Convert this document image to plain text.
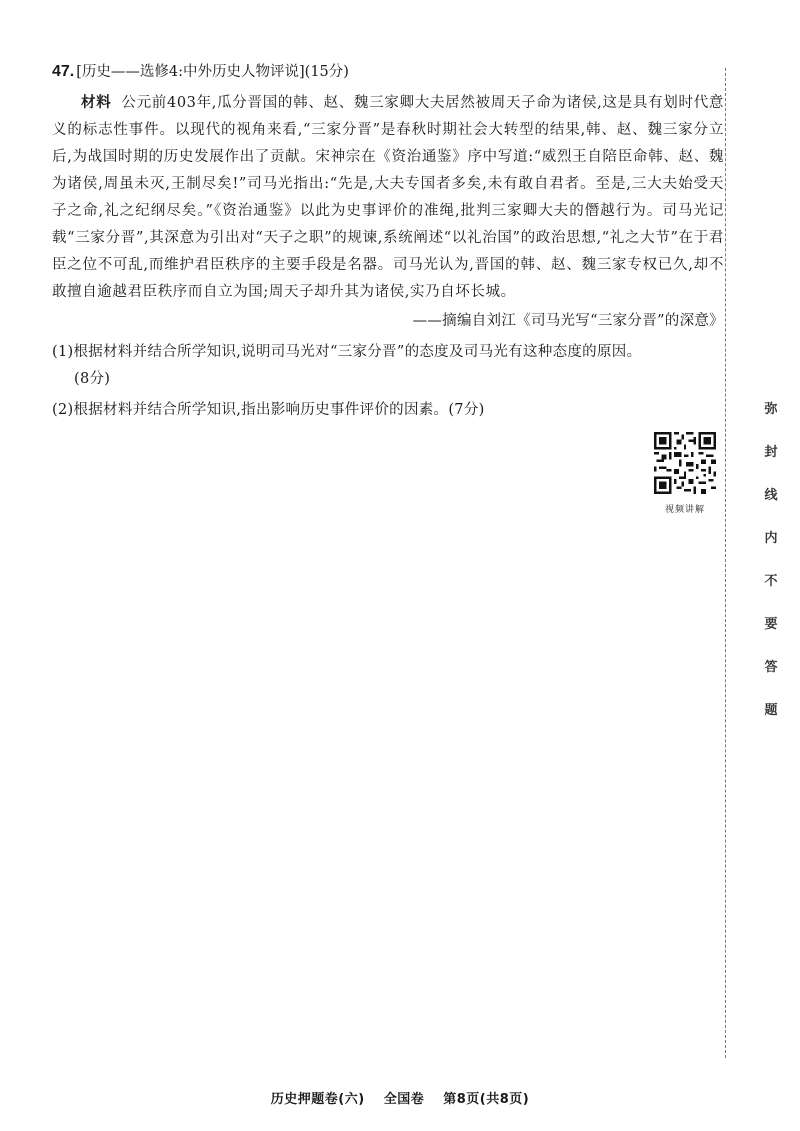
47. [历史——选修4:中外历史人物评说](15分)

材料 公元前403年,瓜分晋国的韩、赵、魏三家卿大夫居然被周天子命为诸侯,这是具有划时代意义的标志性事件。以现代的视角来看,“三家分晋”是春秋时期社会大转型的结果,韩、赵、魏三家分立后,为战国时期的历史发展作出了贡献。宋神宗在《资治通鉴》序中写道:“威烈王自陪臣命韩、赵、魏为诸侯,周虽未灭,王制尽矣!”司马光指出:“先是,大夫专国者多矣,未有敢自君者。至是,三大夫始受天子之命,礼之纪纲尽矣。”《资治通鉴》以此为史事评价的准绳,批判三家卿大夫的僭越行为。司马光记载“三家分晋”,其深意为引出对“天子之职”的规谏,系统阐述“以礼治国”的政治思想,“礼之大节”在于君臣之位不可乱,而维护君臣秩序的主要手段是名器。司马光认为,晋国的韩、赵、魏三家专权已久,却不敢擅自逾越君臣秩序而自立为国;周天子却升其为诸侯,实乃自坏长城。

——摘编自刘江《司马光写“三家分晋”的深意》

(1)根据材料并结合所学知识,说明司马光对“三家分晋”的态度及司马光有这种态度的原因。
(8分)

(2)根据材料并结合所学知识,指出影响历史事件评价的因素。(7分)

视频讲解
弥
封
线
内
不
要
答
题
历史押题卷(六) 全国卷 第8页(共8页)
